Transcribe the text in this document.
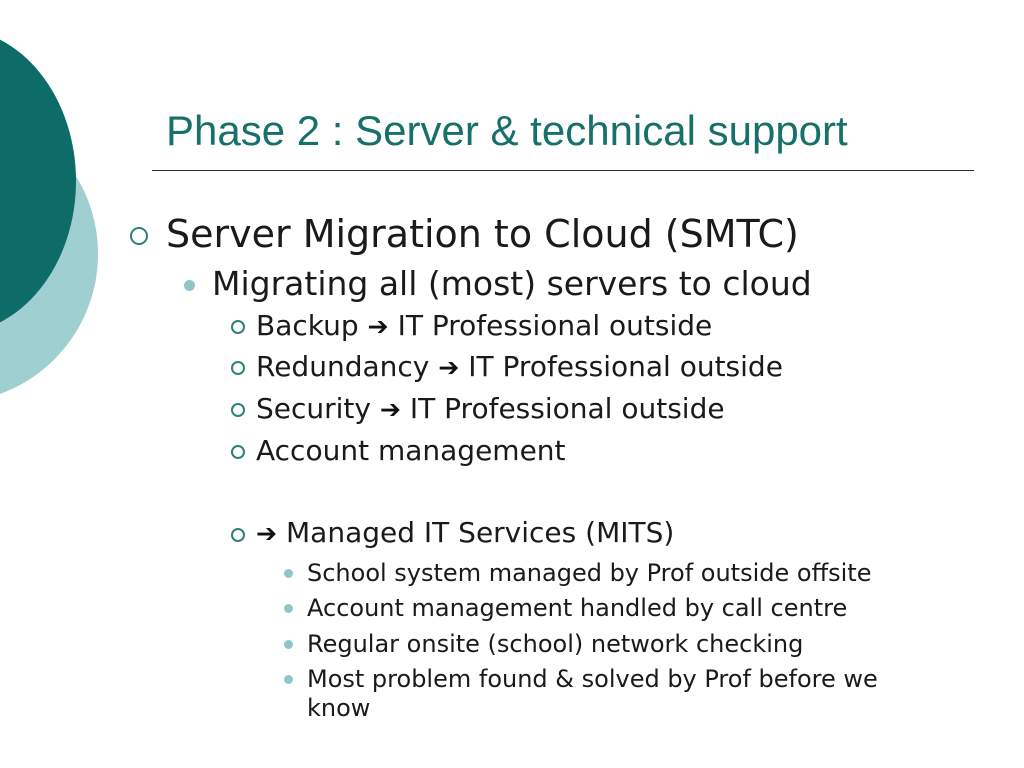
Phase 2 : Server & technical support
Server Migration to Cloud (SMTC)
Migrating all (most) servers to cloud
Backup ➔ IT Professional outside
Redundancy ➔ IT Professional outside
Security ➔ IT Professional outside
Account management
➔ Managed IT Services (MITS)
School system managed by Prof outside offsite
Account management handled by call centre
Regular onsite (school) network checking
Most problem found & solved by Prof before we
know
